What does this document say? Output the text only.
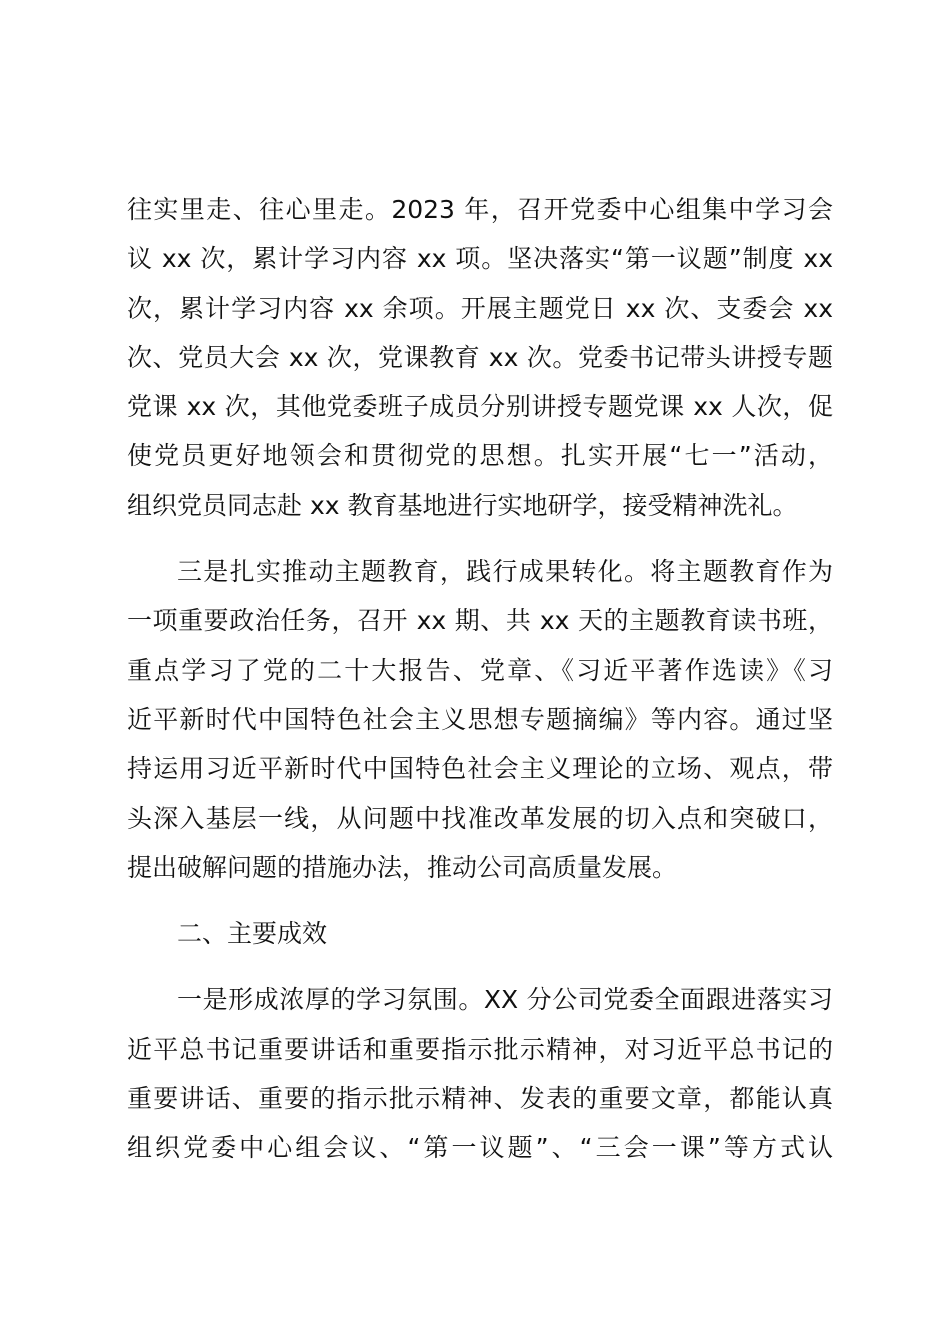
往实里走、往心里走。2023 年，召开党委中心组集中学习会
议 xx 次，累计学习内容 xx 项。坚决落实“第一议题”制度 xx
次，累计学习内容 xx 余项。开展主题党日 xx 次、支委会 xx
次、党员大会 xx 次，党课教育 xx 次。党委书记带头讲授专题
党课 xx 次，其他党委班子成员分别讲授专题党课 xx 人次，促
使党员更好地领会和贯彻党的思想。扎实开展“七一”活动，
组织党员同志赴 xx 教育基地进行实地研学，接受精神洗礼。
三是扎实推动主题教育，践行成果转化。将主题教育作为
一项重要政治任务，召开 xx 期、共 xx 天的主题教育读书班，
重点学习了党的二十大报告、党章、《习近平著作选读》《习
近平新时代中国特色社会主义思想专题摘编》等内容。通过坚
持运用习近平新时代中国特色社会主义理论的立场、观点，带
头深入基层一线，从问题中找准改革发展的切入点和突破口，
提出破解问题的措施办法，推动公司高质量发展。
二、主要成效
一是形成浓厚的学习氛围。XX 分公司党委全面跟进落实习
近平总书记重要讲话和重要指示批示精神，对习近平总书记的
重要讲话、重要的指示批示精神、发表的重要文章，都能认真
组织党委中心组会议、“第一议题”、“三会一课”等方式认
